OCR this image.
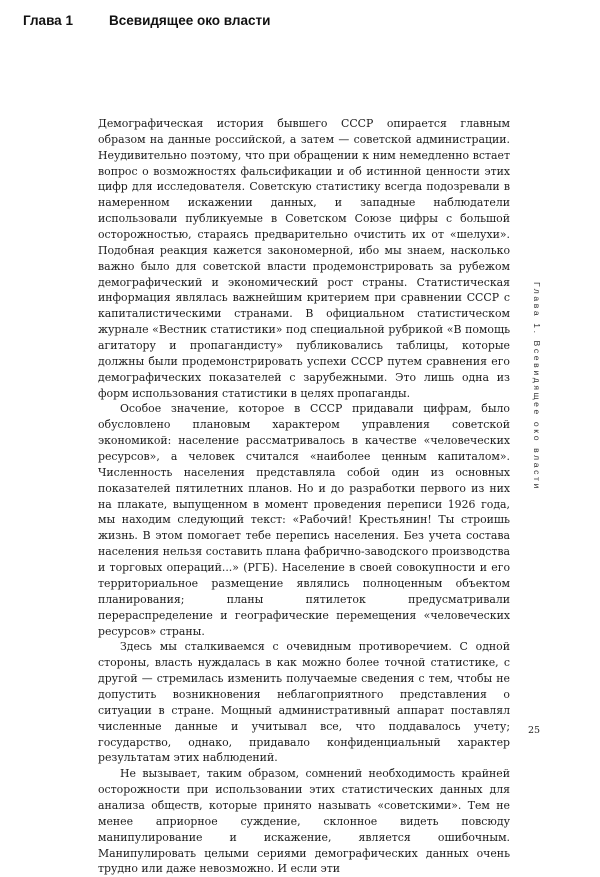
Глава 1	Всевидящее око власти

Демографическая история бывшего СССР опирается главным образом на данные российской, а затем — советской администрации. Неудивительно поэтому, что при обращении к ним немедленно встает вопрос о возможностях фальсификации и об истинной ценности этих цифр для исследователя. Советскую статистику всегда подозревали в намеренном искажении данных, и западные наблюдатели использовали публикуемые в Советском Союзе цифры с большой осторожностью, стараясь предварительно очистить их от «шелухи». Подобная реакция кажется закономерной, ибо мы знаем, насколько важно было для советской власти продемонстрировать за рубежом демографический и экономический рост страны. Статистическая информация являлась важнейшим критерием при сравнении СССР с капиталистическими странами. В официальном статистическом журнале «Вестник статистики» под специальной рубрикой «В помощь агитатору и пропагандисту» публиковались таблицы, которые должны были продемонстрировать успехи СССР путем сравнения его демографических показателей с зарубежными. Это лишь одна из форм использования статистики в целях пропаганды.

Особое значение, которое в СССР придавали цифрам, было обусловлено плановым характером управления советской экономикой: население рассматривалось в качестве «человеческих ресурсов», а человек считался «наиболее ценным капиталом». Численность населения представляла собой один из основных показателей пятилетних планов. Но и до разработки первого из них на плакате, выпущенном в момент проведения переписи 1926 года, мы находим следующий текст: «Рабочий! Крестьянин! Ты строишь жизнь. В этом помогает тебе перепись населения. Без учета состава населения нельзя составить плана фабрично-заводского производства и торговых операций...» (РГБ). Население в своей совокупности и его территориальное размещение являлись полноценным объектом планирования; планы пятилеток предусматривали перераспределение и географические перемещения «человеческих ресурсов» страны.

Здесь мы сталкиваемся с очевидным противоречием. С одной стороны, власть нуждалась в как можно более точной статистике, с другой — стремилась изменить получаемые сведения с тем, чтобы не допустить возникновения неблагоприятного представления о ситуации в стране. Мощный административный аппарат поставлял численные данные и учитывал все, что поддавалось учету; государство, однако, придавало конфиденциальный характер результатам этих наблюдений.

Не вызывает, таким образом, сомнений необходимость крайней осторожности при использовании этих статистических данных для анализа обществ, которые принято называть «советскими». Тем не менее априорное суждение, склонное видеть повсюду манипулирование и искажение, является ошибочным. Манипулировать целыми сериями демографических данных очень трудно или даже невозможно. И если эти

Глава 1. Всевидящее око власти
25
